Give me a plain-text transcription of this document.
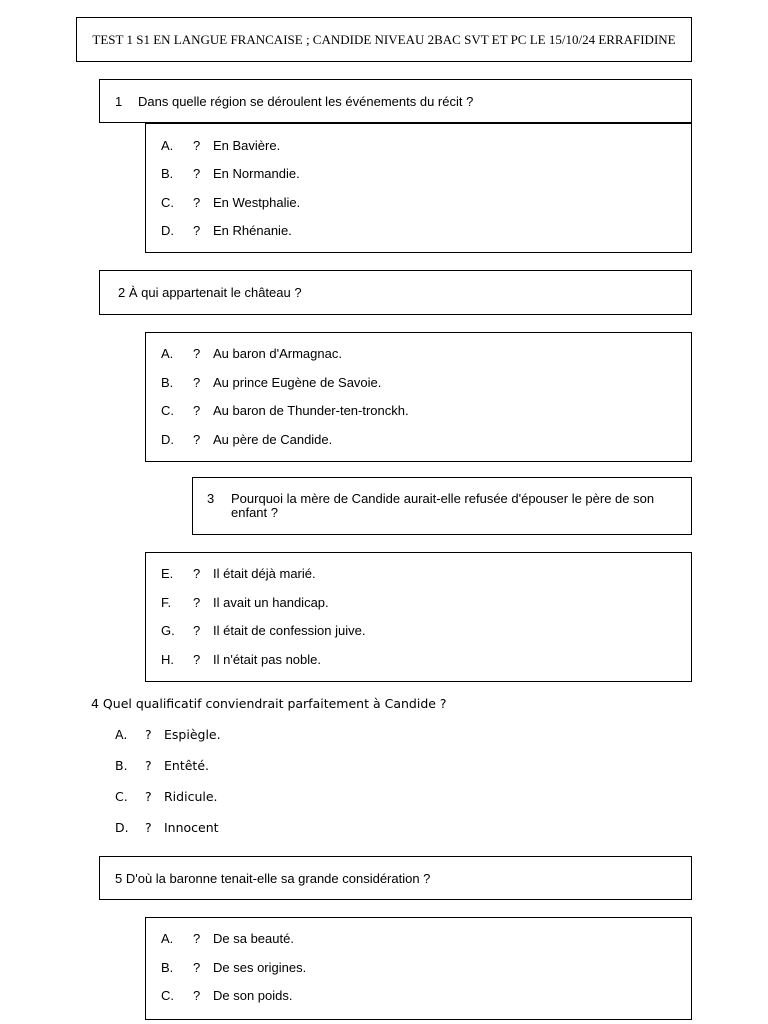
TEST 1 S1 EN LANGUE FRANCAISE ; CANDIDE NIVEAU 2BAC SVT ET PC LE 15/10/24 ERRAFIDINE
1	Dans quelle région se déroulent les événements du récit ?
A.	? En Bavière.
B.	? En Normandie.
C.	? En Westphalie.
D.	? En Rhénanie.
2 À qui appartenait le château ?
A.	? Au baron d'Armagnac.
B.	? Au prince Eugène de Savoie.
C.	? Au baron de Thunder-ten-tronckh.
D.	? Au père de Candide.
3	Pourquoi la mère de Candide aurait-elle refusée d'épouser le père de son enfant ?
E.	? Il était déjà marié.
F.	? Il avait un handicap.
G.	? Il était de confession juive.
H.	? Il n'était pas noble.
4 Quel qualificatif conviendrait parfaitement à Candide ?
A.	? Espiègle.
B.	? Entêté.
C.	? Ridicule.
D.	? Innocent
5 D'où la baronne tenait-elle sa grande considération ?
A.	? De sa beauté.
B.	? De ses origines.
C.	? De son poids.
